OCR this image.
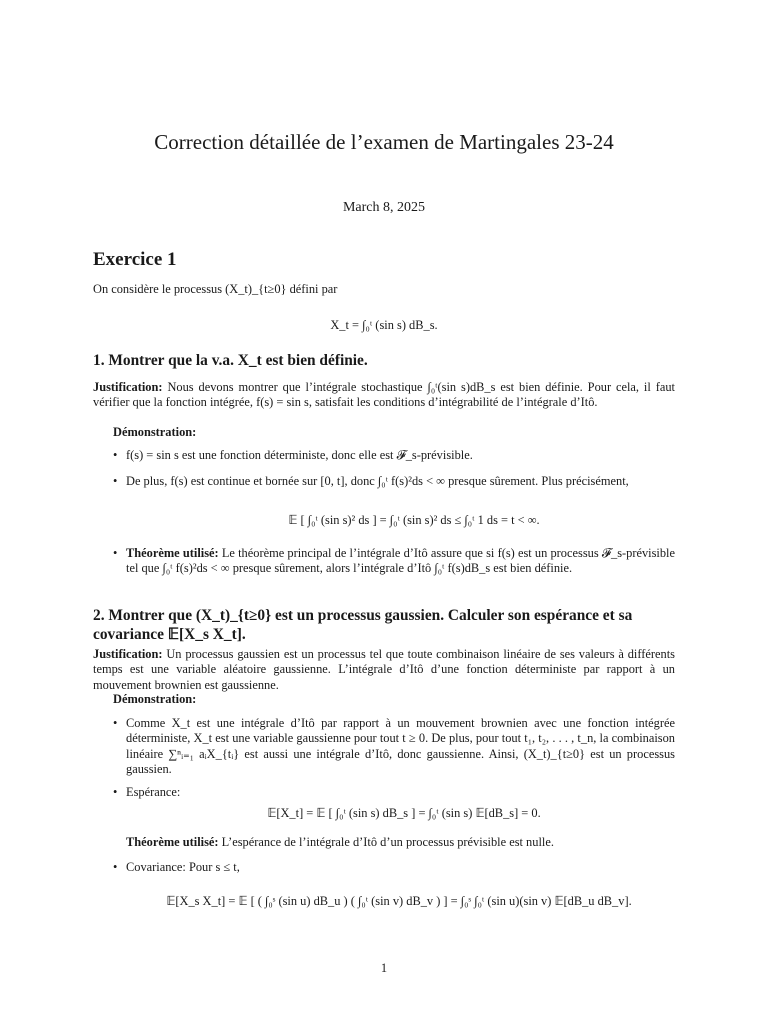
Correction détaillée de l’examen de Martingales 23-24
March 8, 2025
Exercice 1
On considère le processus (X_t)_{t≥0} défini par
X_t = ∫₀ᵗ (sin s) dB_s.
1. Montrer que la v.a. X_t est bien définie.
Justification: Nous devons montrer que l’intégrale stochastique ∫₀ᵗ(sin s)dB_s est bien définie. Pour cela, il faut vérifier que la fonction intégrée, f(s) = sin s, satisfait les conditions d’intégrabilité de l’intégrale d’Itô.
Démonstration:
• f(s) = sin s est une fonction déterministe, donc elle est 𝓕_s-prévisible.
• De plus, f(s) est continue et bornée sur [0, t], donc ∫₀ᵗ f(s)²ds < ∞ presque sûrement. Plus précisément,
𝔼 [ ∫₀ᵗ (sin s)² ds ] = ∫₀ᵗ (sin s)² ds ≤ ∫₀ᵗ 1 ds = t < ∞.
• Théorème utilisé: Le théorème principal de l’intégrale d’Itô assure que si f(s) est un processus 𝓕_s-prévisible tel que ∫₀ᵗ f(s)²ds < ∞ presque sûrement, alors l’intégrale d’Itô ∫₀ᵗ f(s)dB_s est bien définie.
2. Montrer que (X_t)_{t≥0} est un processus gaussien. Calculer son espérance et sa covariance 𝔼[X_s X_t].
Justification: Un processus gaussien est un processus tel que toute combinaison linéaire de ses valeurs à différents temps est une variable aléatoire gaussienne. L’intégrale d’Itô d’une fonction déterministe par rapport à un mouvement brownien est gaussienne.
Démonstration:
• Comme X_t est une intégrale d’Itô par rapport à un mouvement brownien avec une fonction intégrée déterministe, X_t est une variable gaussienne pour tout t ≥ 0. De plus, pour tout t₁, t₂, . . . , t_n, la combinaison linéaire ∑ⁿᵢ₌₁ aᵢX_{tᵢ} est aussi une intégrale d’Itô, donc gaussienne. Ainsi, (X_t)_{t≥0} est un processus gaussien.
• Espérance:
𝔼[X_t] = 𝔼 [ ∫₀ᵗ (sin s) dB_s ] = ∫₀ᵗ (sin s) 𝔼[dB_s] = 0.
Théorème utilisé: L’espérance de l’intégrale d’Itô d’un processus prévisible est nulle.
• Covariance: Pour s ≤ t,
𝔼[X_s X_t] = 𝔼 [ ( ∫₀ˢ (sin u) dB_u ) ( ∫₀ᵗ (sin v) dB_v ) ] = ∫₀ˢ ∫₀ᵗ (sin u)(sin v) 𝔼[dB_u dB_v].
1
